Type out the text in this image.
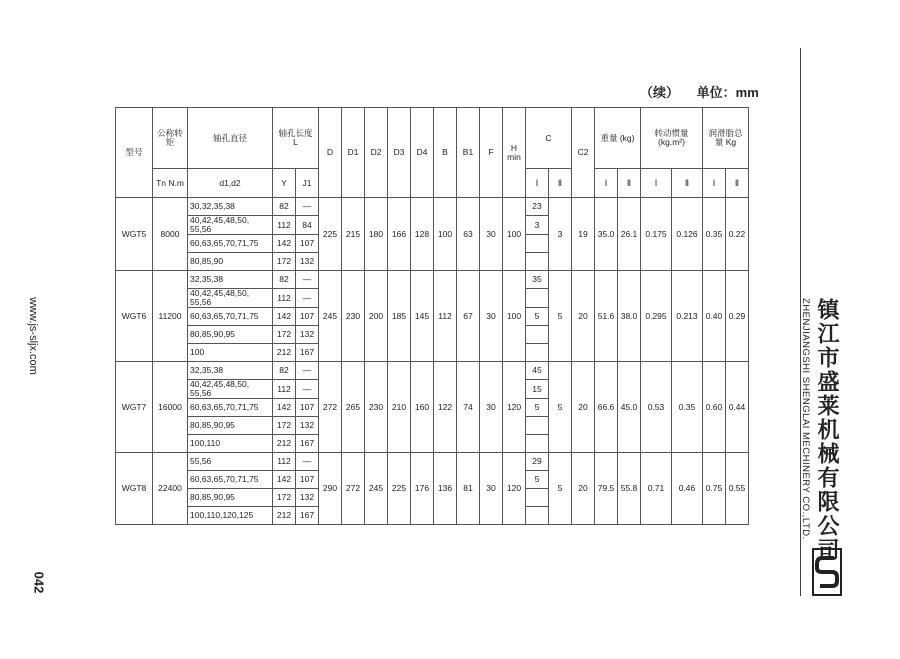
www.js-sljx.com
042
（续） 单位：mm
型号	公称转矩	轴孔直径	轴孔长度 L		D	D1	D2	D3	D4	B	B1	F	H min	C		C2	重量 (kg)		转动惯量 (kg.m²)		润滑脂总量 Kg	
	Tn N.m	d1,d2	Y	J1										Ⅰ	Ⅱ		Ⅰ	Ⅱ	Ⅰ	Ⅱ	Ⅰ	Ⅱ
WGT5	8000	30,32,35,38	82	—	225	215	180	166	128	100	63	30	100	23	3	19	35.0	26.1	0.175	0.126	0.35	0.22
		40,42,45,48,50, 55,56	112	84										3								
		60,63,65,70,71,75	142	107																		
		80,85,90	172	132																		
WGT6	11200	32,35,38	82	—	245	230	200	185	145	112	67	30	100	35	5	20	51.6	38.0	0.295	0.213	0.40	0.29
		40,42,45,48,50, 55,56	112	—																		
		60,63,65,70,71,75	142	107										5								
		80,85,90,95	172	132																		
		100	212	167																		
WGT7	16000	32,35,38	82	—	272	265	230	210	160	122	74	30	120	45	5	20	66.6	45.0	0.53	0.35	0.60	0.44
		40,42,45,48,50, 55,56	112	—										15								
		60,63,65,70,71,75	142	107										5								
		80,85,90,95	172	132																		
		100,110	212	167																		
WGT8	22400	55,56	112	—	290	272	245	225	176	136	81	30	120	29	5	20	79.5	55.8	0.71	0.46	0.75	0.55
		60,63,65,70,71,75	142	107										5								
		80,85,90,95	172	132																		
		100,110,120,125	212	167																			镇江市盛莱机械有限公司
ZHENJIANGSHI SHENGLAI MECHINERY CO.,LTD.
